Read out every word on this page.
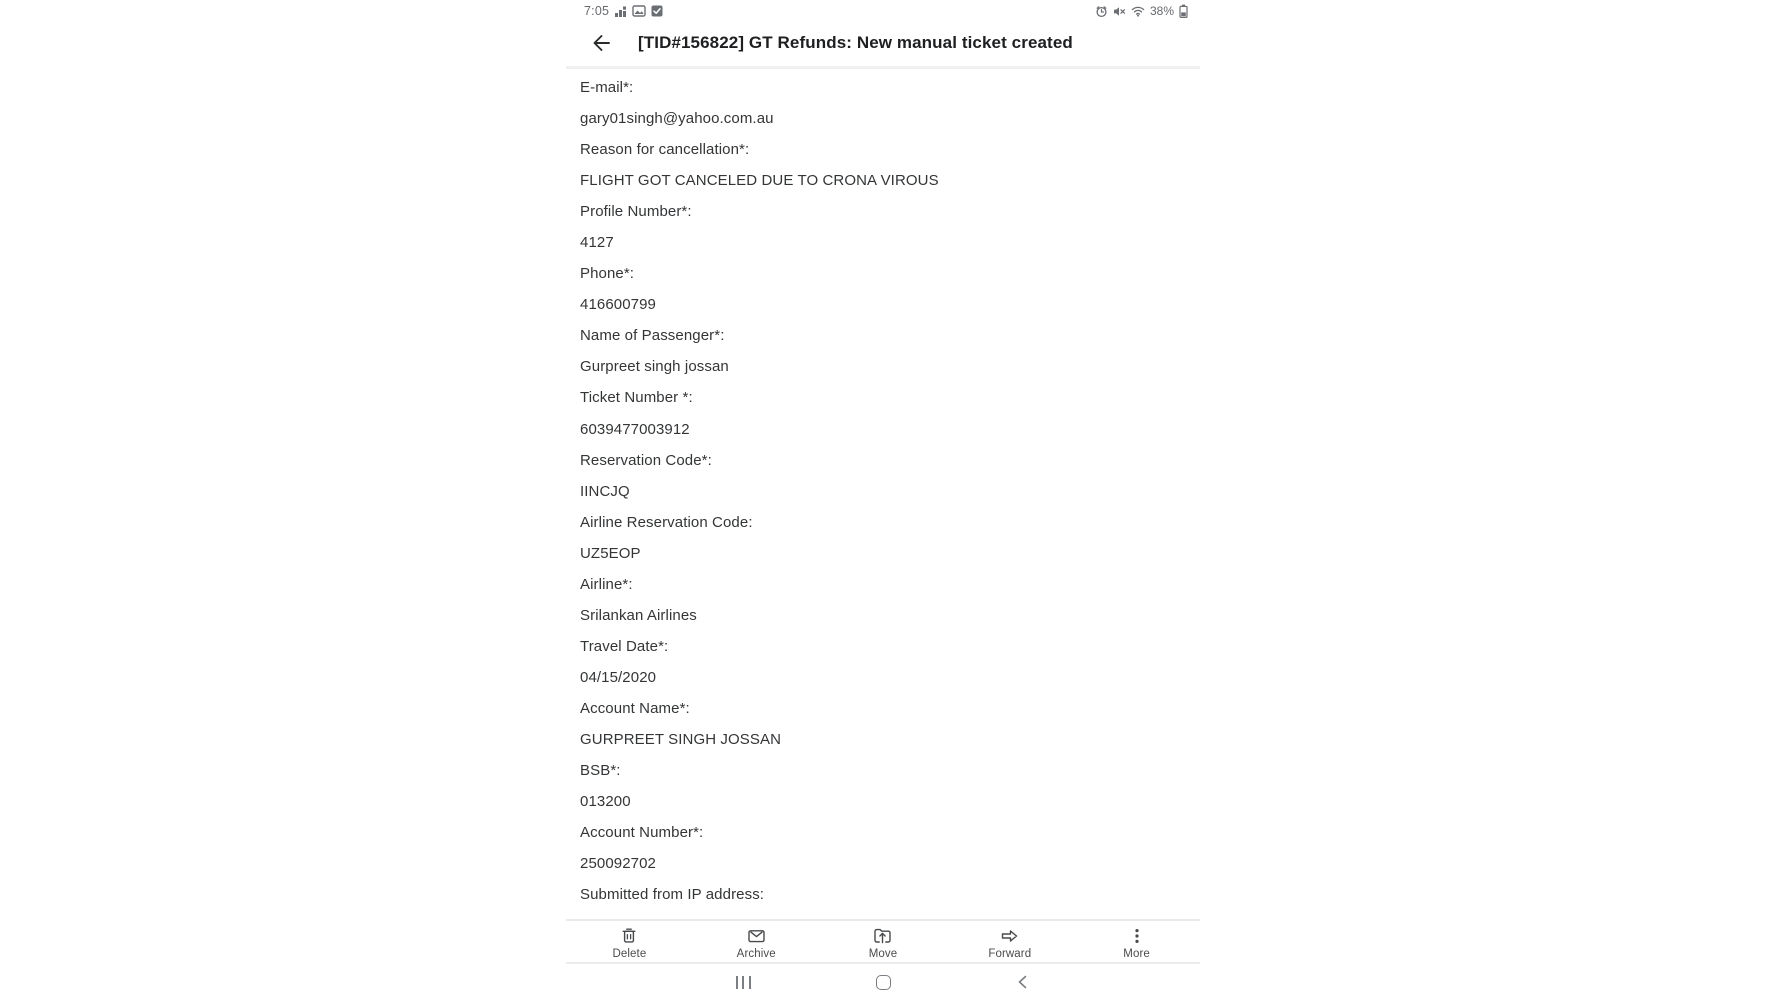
7:05	38%
[TID#156822] GT Refunds: New manual ticket created
E-mail*:
gary01singh@yahoo.com.au
Reason for cancellation*:
FLIGHT GOT CANCELED DUE TO CRONA VIROUS
Profile Number*:
4127
Phone*:
416600799
Name of Passenger*:
Gurpreet singh jossan
Ticket Number *:
6039477003912
Reservation Code*:
IINCJQ
Airline Reservation Code:
UZ5EOP
Airline*:
Srilankan Airlines
Travel Date*:
04/15/2020
Account Name*:
GURPREET SINGH JOSSAN
BSB*:
013200
Account Number*:
250092702
Submitted from IP address:
Delete	Archive	Move	Forward	More
